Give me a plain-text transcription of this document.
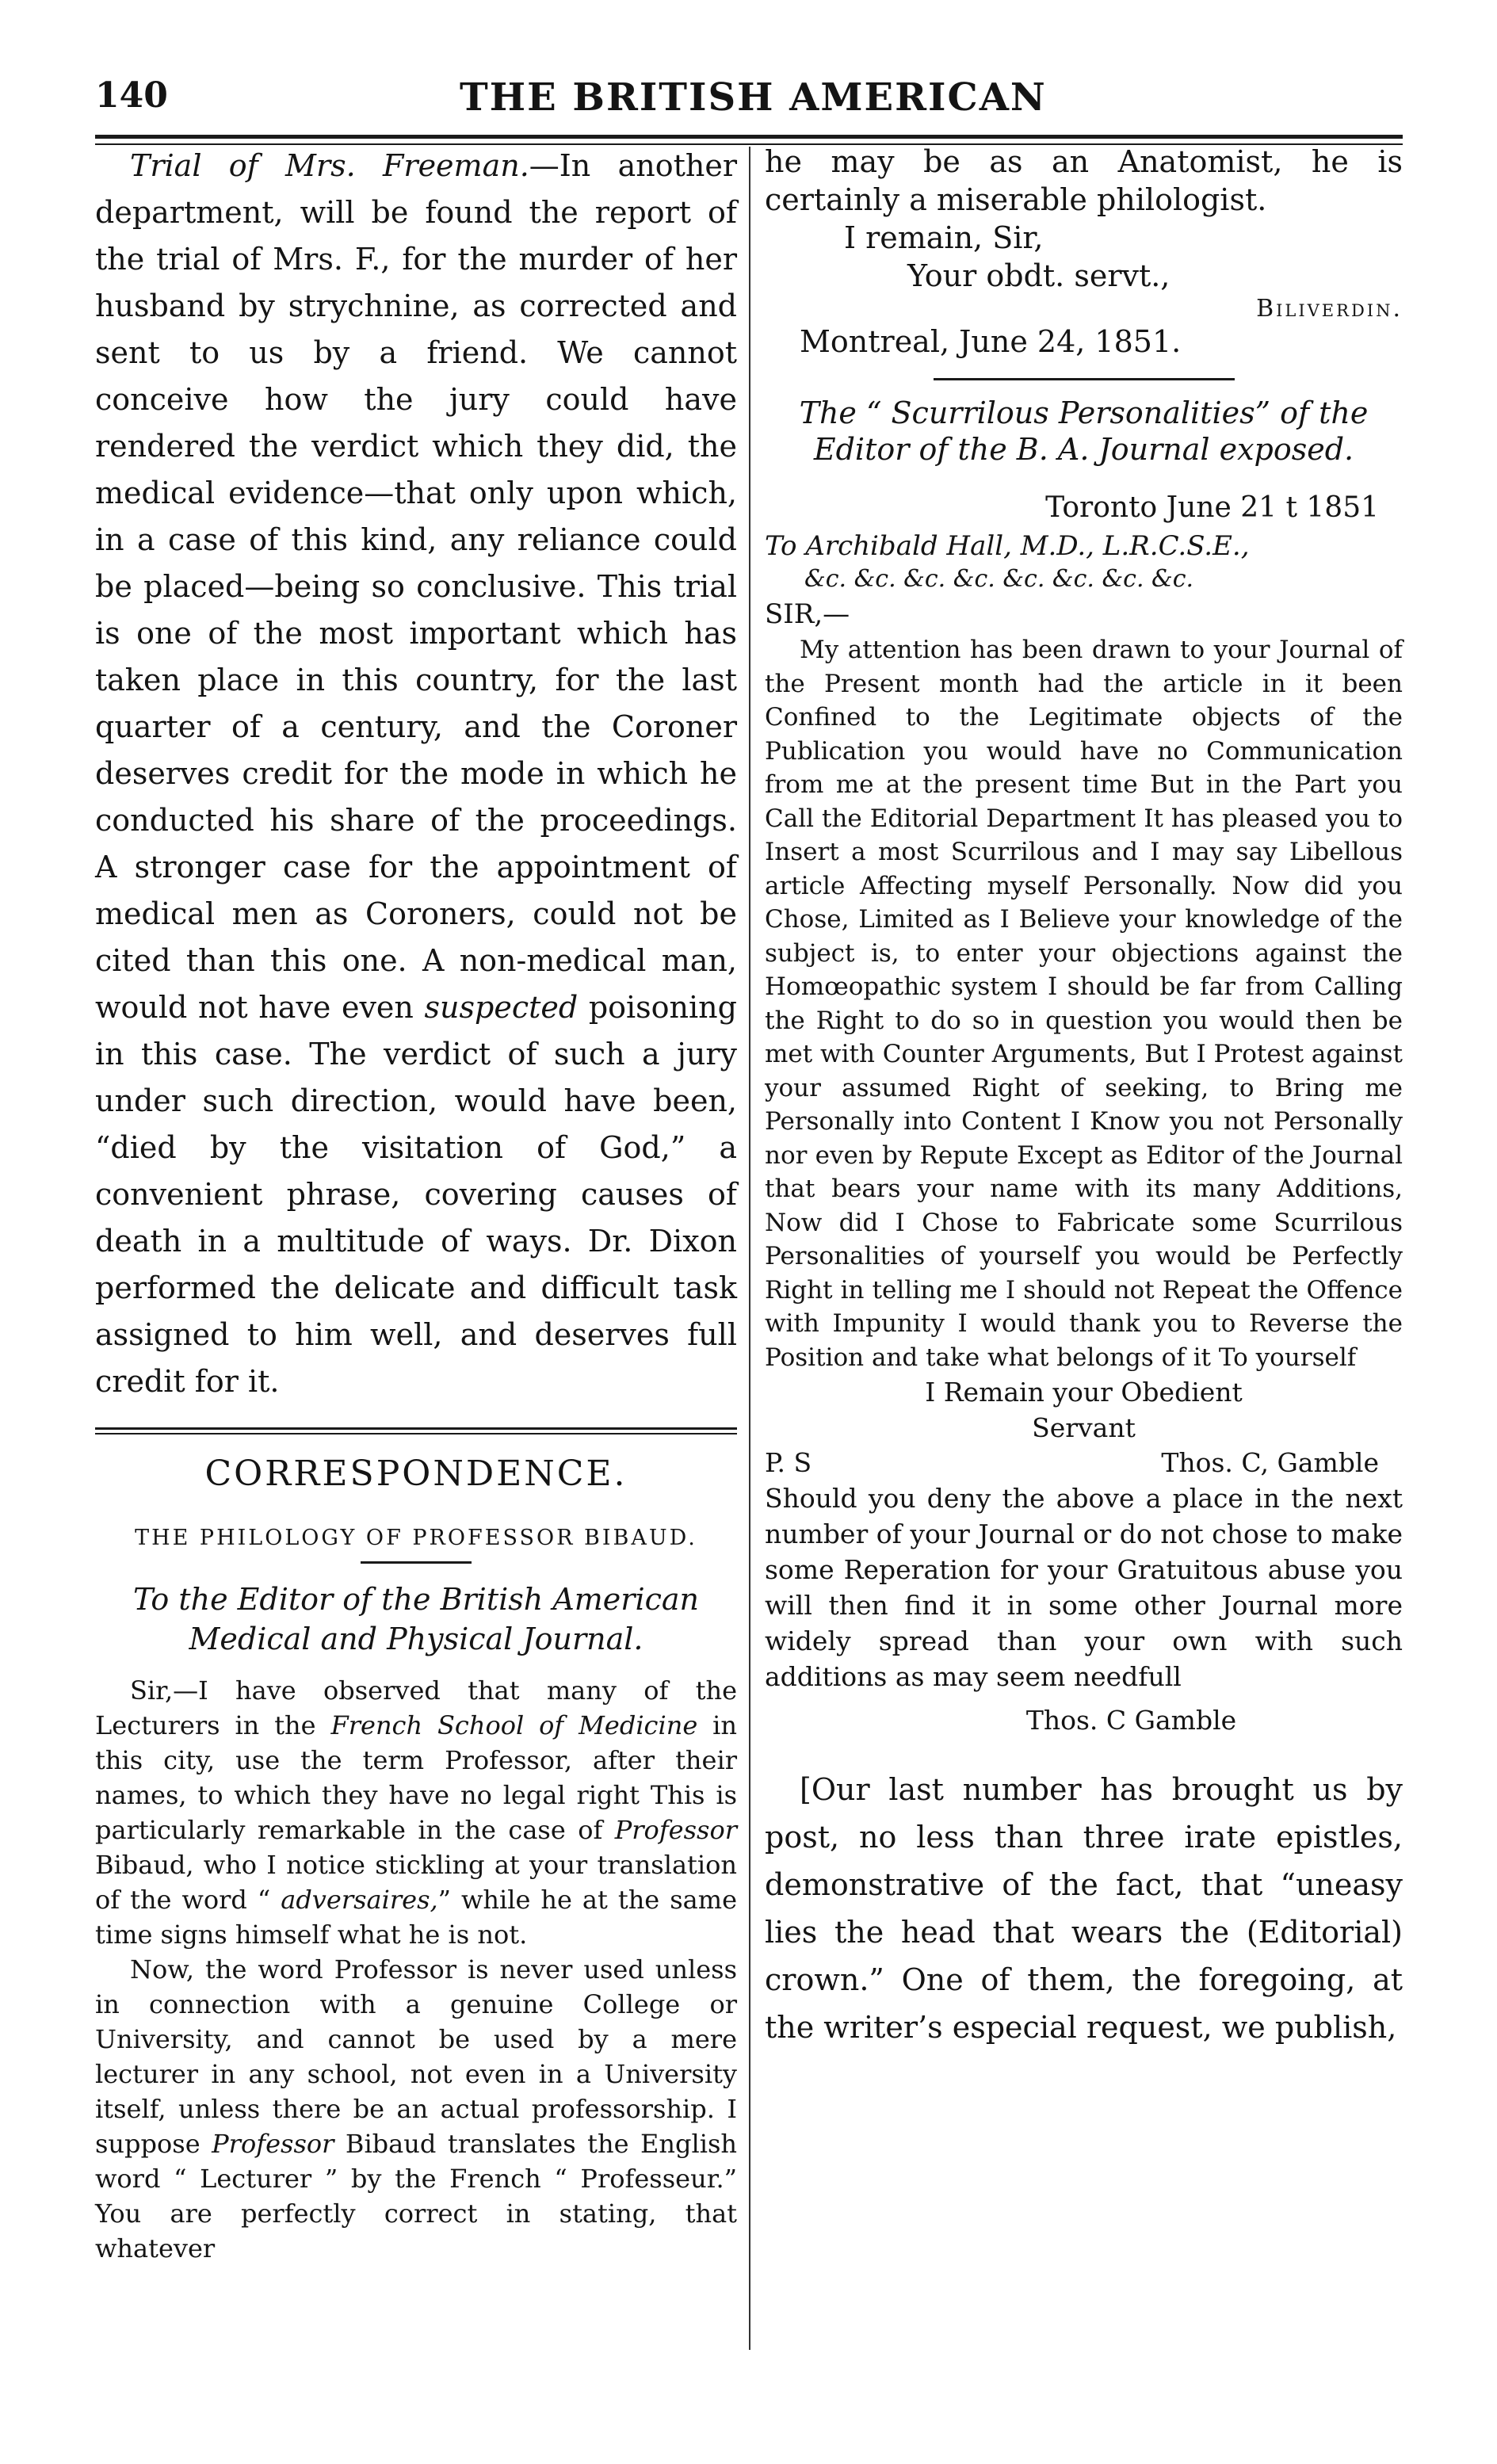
140	THE BRITISH AMERICAN

Trial of Mrs. Freeman.—In another department, will be found the report of the trial of Mrs. F., for the murder of her husband by strychnine, as corrected and sent to us by a friend. We cannot conceive how the jury could have rendered the verdict which they did, the medical evidence—that only upon which, in a case of this kind, any reliance could be placed—being so conclusive. This trial is one of the most important which has taken place in this country, for the last quarter of a century, and the Coroner deserves credit for the mode in which he conducted his share of the proceedings. A stronger case for the appointment of medical men as Coroners, could not be cited than this one. A non-medical man, would not have even suspected poisoning in this case. The verdict of such a jury under such direction, would have been, “died by the visitation of God,” a convenient phrase, covering causes of death in a multitude of ways. Dr. Dixon performed the delicate and difficult task assigned to him well, and deserves full credit for it.

CORRESPONDENCE.
THE PHILOLOGY OF PROFESSOR BIBAUD.

To the Editor of the British American

Medical and Physical Journal.

Sir,—I have observed that many of the Lecturers in the French School of Medicine in this city, use the term Professor, after their names, to which they have no legal right This is particularly remarkable in the case of Professor Bibaud, who I notice stickling at your translation of the word “ adversaires,” while he at the same time signs himself what he is not.

Now, the word Professor is never used unless in connection with a genuine College or University, and cannot be used by a mere lecturer in any school, not even in a University itself, unless there be an actual professorship. I suppose Professor Bibaud translates the English word “ Lecturer ” by the French “ Professeur.” You are perfectly correct in stating, that whatever

he may be as an Anatomist, he is certainly a miserable philologist.

I remain, Sir,

Your obdt. servt.,

Biliverdin.

Montreal, June 24, 1851.

The “ Scurrilous Personalities” of the

Editor of the B. A. Journal exposed.

Toronto June 21 t 1851

To Archibald Hall, M.D., L.R.C.S.E.,

&c. &c. &c. &c. &c. &c. &c. &c.

SIR,—

My attention has been drawn to your Journal of the Present month had the article in it been Confined to the Legitimate objects of the Publication you would have no Communication from me at the present time But in the Part you Call the Editorial Department It has pleased you to Insert a most Scurrilous and I may say Libellous article Affecting myself Personally. Now did you Chose, Limited as I Believe your knowledge of the subject is, to enter your objections against the Homœopathic system I should be far from Calling the Right to do so in question you would then be met with Counter Arguments, But I Protest against your assumed Right of seeking, to Bring me Personally into Content I Know you not Personally nor even by Repute Except as Editor of the Journal that bears your name with its many Additions, Now did I Chose to Fabricate some Scurrilous Personalities of yourself you would be Perfectly Right in telling me I should not Repeat the Offence with Impunity I would thank you to Reverse the Position and take what belongs of it To yourself

I Remain your Obedient

Servant

P. S	Thos. C, Gamble

Should you deny the above a place in the next number of your Journal or do not chose to make some Reperation for your Gratuitous abuse you will then find it in some other Journal more widely spread than your own with such additions as may seem needfull

Thos. C Gamble

[Our last number has brought us by post, no less than three irate epistles, demonstrative of the fact, that “uneasy lies the head that wears the (Editorial) crown.” One of them, the foregoing, at the writer’s especial request, we publish,
